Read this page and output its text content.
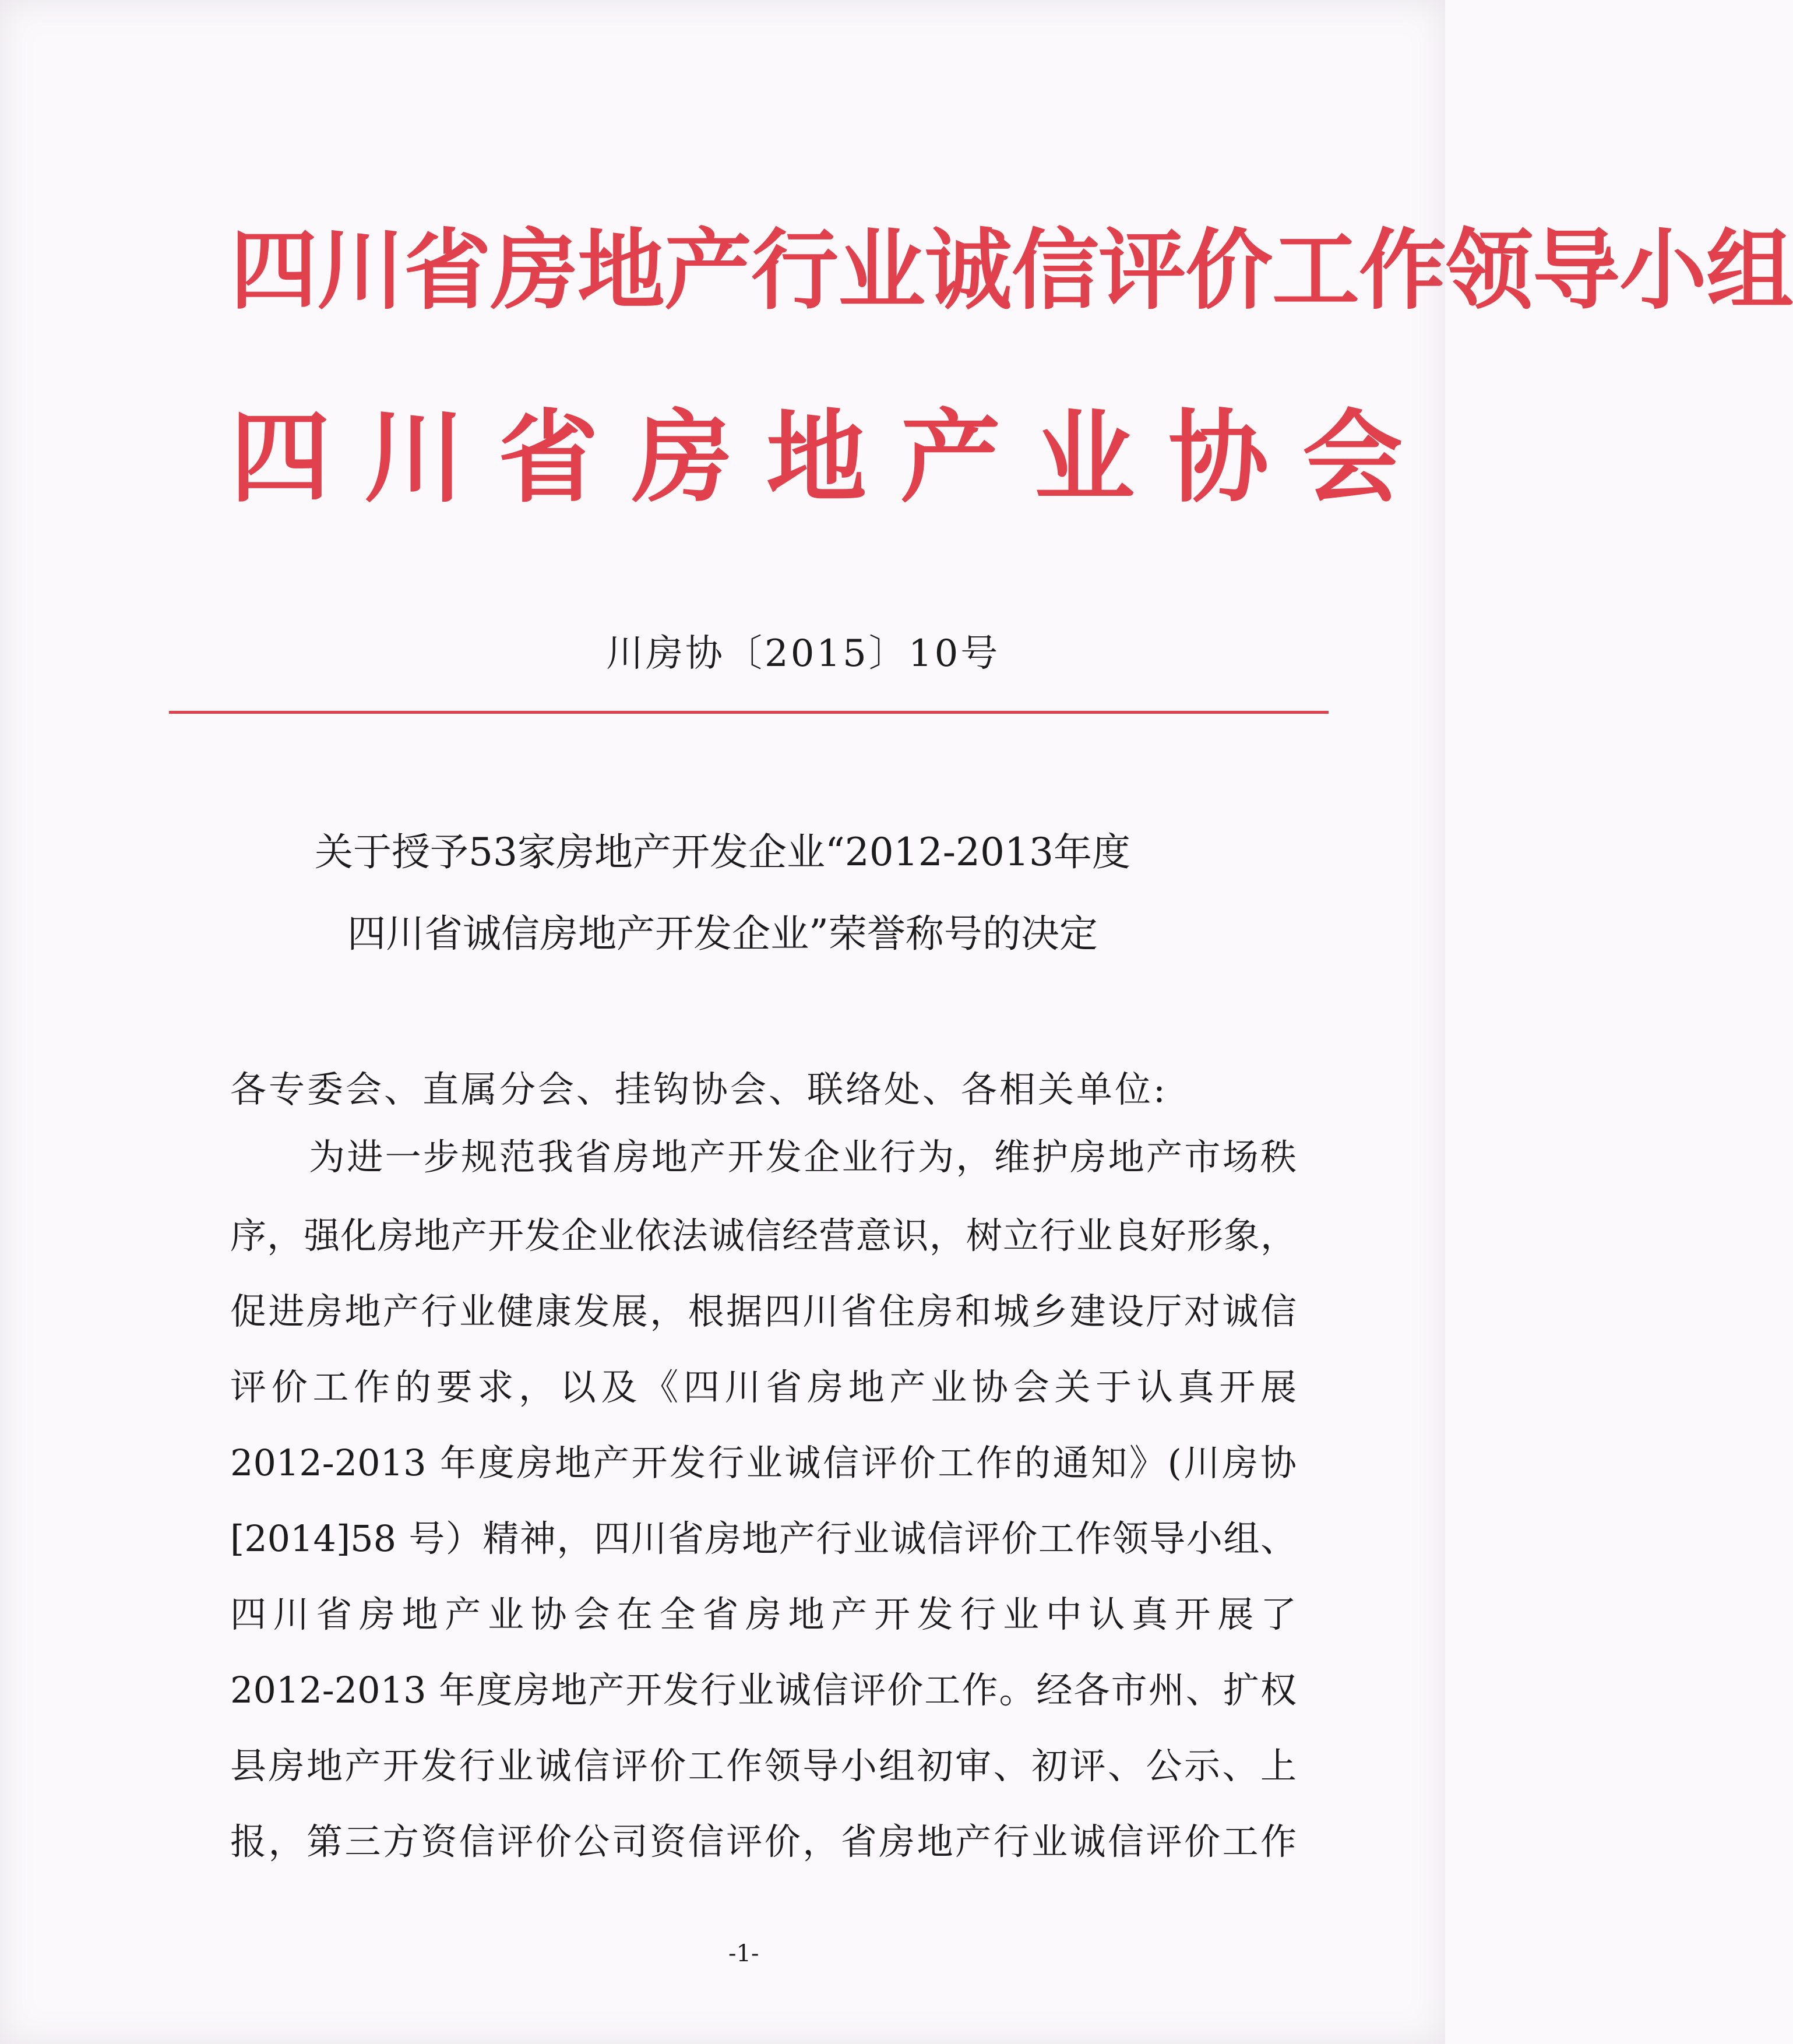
四川省房地产行业诚信评价工作领导小组
四川省房地产业协会
川房协〔2015〕10号
关于授予53家房地产开发企业“2012-2013年度
四川省诚信房地产开发企业”荣誉称号的决定
各专委会、直属分会、挂钩协会、联络处、各相关单位:
为进一步规范我省房地产开发企业行为，维护房地产市场秩
序，强化房地产开发企业依法诚信经营意识，树立行业良好形象，
促进房地产行业健康发展，根据四川省住房和城乡建设厅对诚信
评价工作的要求，以及《四川省房地产业协会关于认真开展
2012-2013 年度房地产开发行业诚信评价工作的通知》(川房协
[2014]58 号）精神，四川省房地产行业诚信评价工作领导小组、
四川省房地产业协会在全省房地产开发行业中认真开展了
2012-2013 年度房地产开发行业诚信评价工作。经各市州、扩权
县房地产开发行业诚信评价工作领导小组初审、初评、公示、上
报，第三方资信评价公司资信评价，省房地产行业诚信评价工作
-1-
